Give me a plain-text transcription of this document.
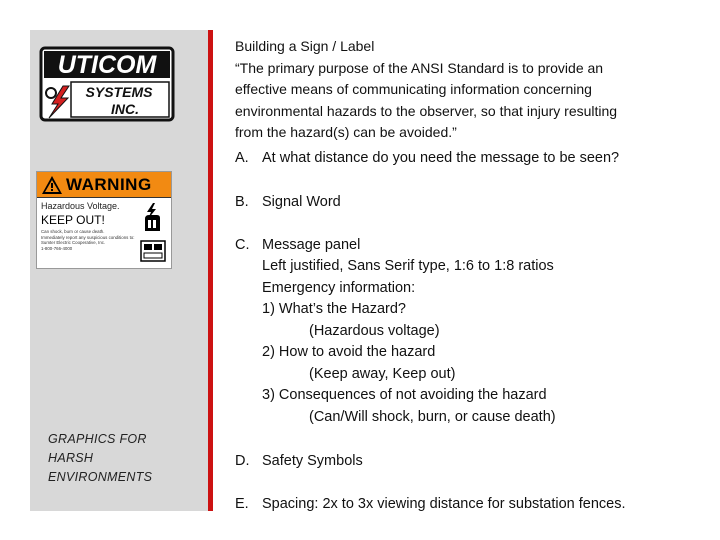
UTICOM
SYSTEMS
INC.
WARNING
Hazardous Voltage.
KEEP OUT!
Can shock, burn or cause death.
Immediately report any suspicious conditions to:
Sumter Electric Cooperative, Inc.
1-800-766-4000
GRAPHICS FOR
HARSH
ENVIRONMENTS
Building a Sign / Label
“The primary purpose of the ANSI Standard is to provide an
effective means of communicating information concerning
environmental hazards to the observer, so that injury resulting
from the hazard(s) can be avoided.”
A. At what distance do you need the message to be seen?
B. Signal Word
C. Message panel
Left justified, Sans Serif type, 1:6 to 1:8 ratios
Emergency information:
1) What’s the Hazard?
(Hazardous voltage)
2) How to avoid the hazard
(Keep away, Keep out)
3) Consequences of not avoiding the hazard
(Can/Will shock, burn, or cause death)
D. Safety Symbols
E. Spacing: 2x to 3x viewing distance for substation fences.
